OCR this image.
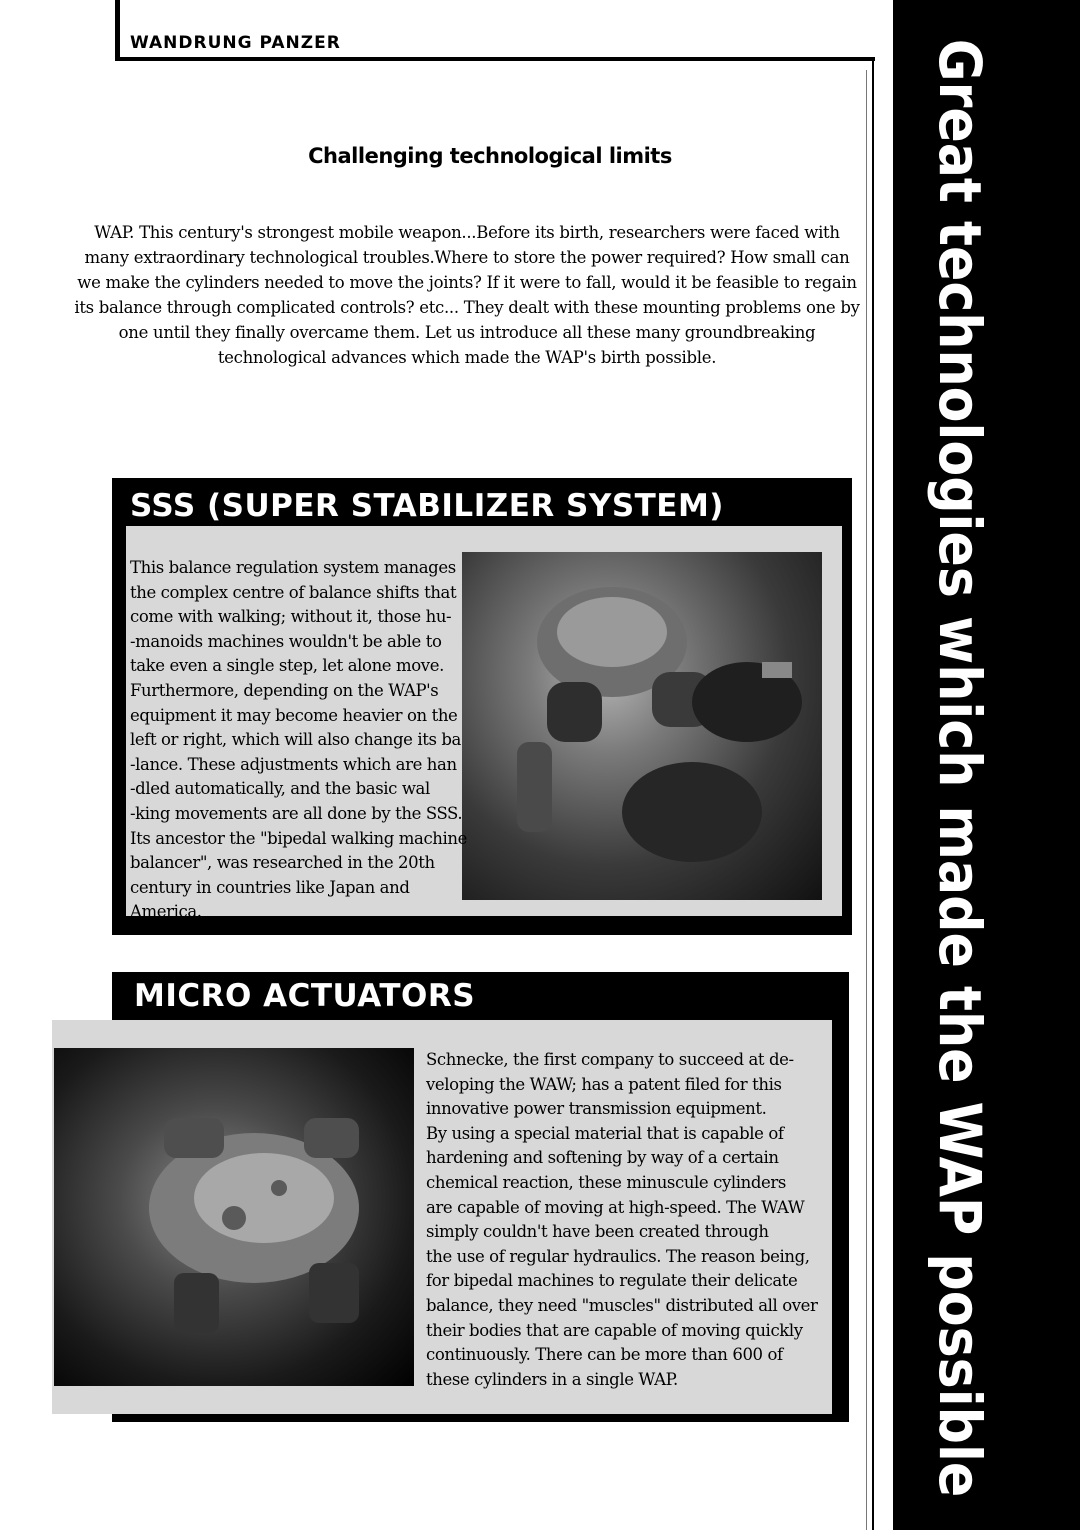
WANDRUNG PANZER	Great technologies which made the WAP possible
Challenging technological limits
WAP. This century's strongest mobile weapon...Before its birth, researchers were faced with many extraordinary technological troubles.Where to store the power required? How small can we make the cylinders needed to move the joints? If it were to fall, would it be feasible to regain its balance through complicated controls? etc... They dealt with these mounting problems one by one until they finally overcame them. Let us introduce all these many groundbreaking technological advances which made the WAP's birth possible.
SSS (SUPER STABILIZER SYSTEM)
MICRO ACTUATORS
This balance regulation system manages
the complex centre of balance shifts that
come with walking; without it, those hu-
-manoids machines wouldn't be able to
take even a single step, let alone move.
Furthermore, depending on the WAP's
equipment it may become heavier on the
left or right, which will also change its ba
-lance. These adjustments which are han
-dled automatically, and the basic wal
-king movements are all done by the SSS.
Its ancestor the "bipedal walking machine
balancer", was researched in the 20th
century in countries like Japan and
America.
Schnecke, the first company to succeed at de-
veloping the WAW; has a patent filed for this
innovative power transmission equipment.
By using a special material that is capable of
hardening and softening by way of a certain
chemical reaction, these minuscule cylinders
are capable of moving at high-speed. The WAW
simply couldn't have been created through
the use of regular hydraulics. The reason being,
for bipedal machines to regulate their delicate
balance, they need "muscles" distributed all over
their bodies that are capable of moving quickly
continuously. There can be more than 600 of
these cylinders in a single WAP.
